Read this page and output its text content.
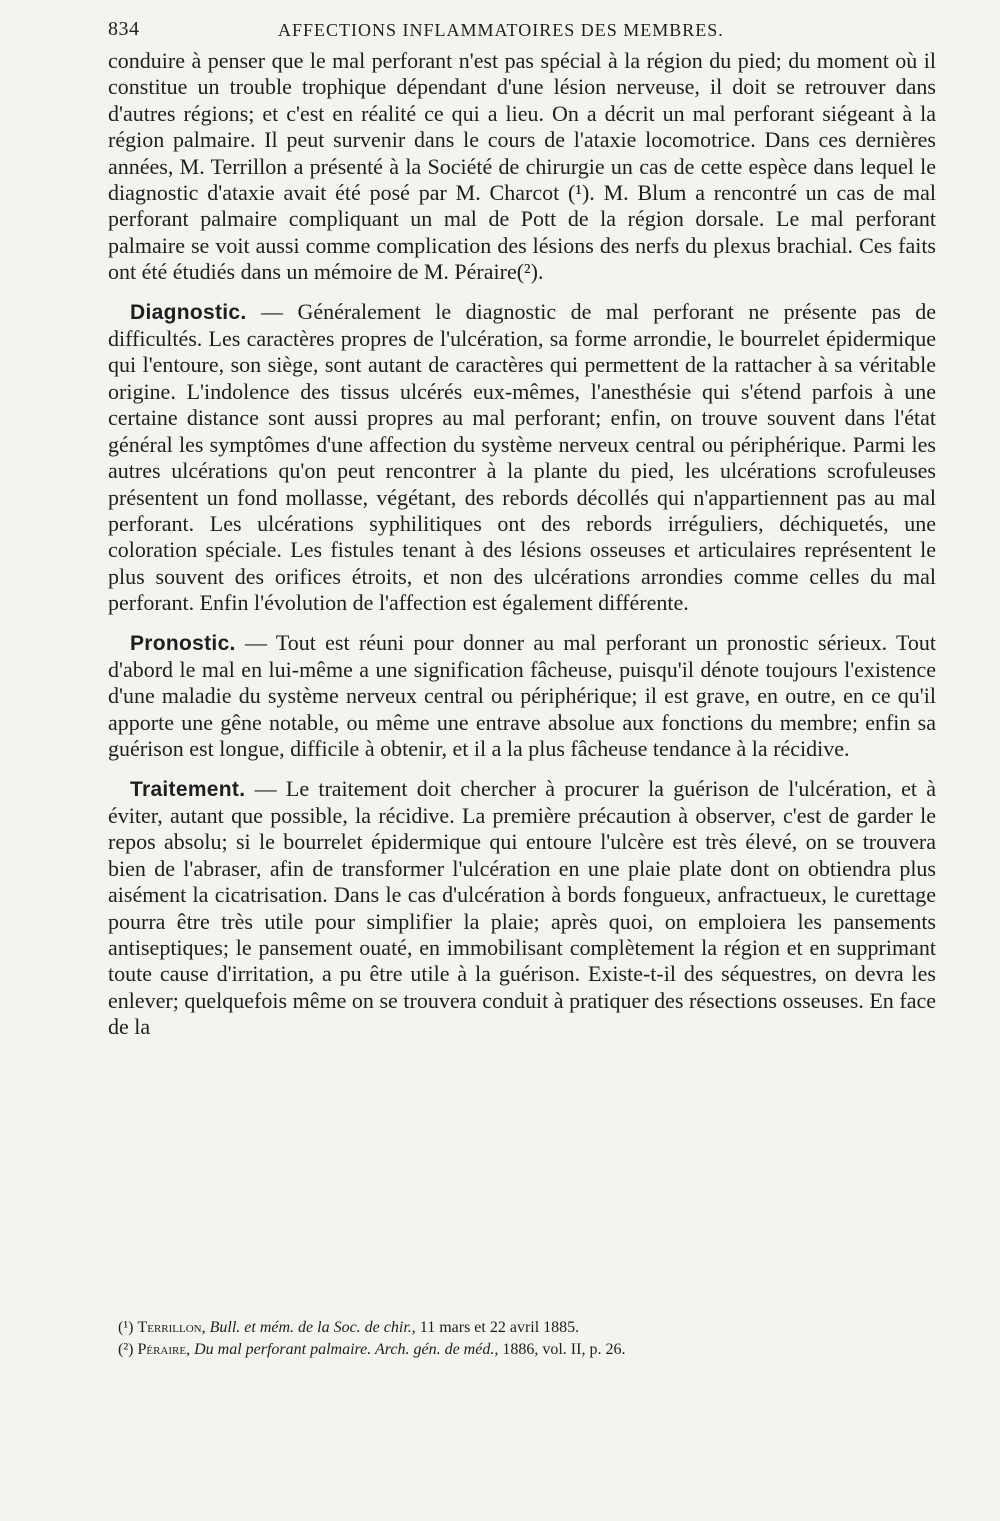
834	AFFECTIONS INFLAMMATOIRES DES MEMBRES.

conduire à penser que le mal perforant n'est pas spécial à la région du pied; du moment où il constitue un trouble trophique dépendant d'une lésion nerveuse, il doit se retrouver dans d'autres régions; et c'est en réalité ce qui a lieu. On a décrit un mal perforant siégeant à la région palmaire. Il peut survenir dans le cours de l'ataxie locomotrice. Dans ces dernières années, M. Terrillon a présenté à la Société de chirurgie un cas de cette espèce dans lequel le diagnostic d'ataxie avait été posé par M. Charcot (¹). M. Blum a rencontré un cas de mal perforant palmaire compliquant un mal de Pott de la région dorsale. Le mal perforant palmaire se voit aussi comme complication des lésions des nerfs du plexus brachial. Ces faits ont été étudiés dans un mémoire de M. Péraire(²).

Diagnostic. — Généralement le diagnostic de mal perforant ne présente pas de difficultés. Les caractères propres de l'ulcération, sa forme arrondie, le bourrelet épidermique qui l'entoure, son siège, sont autant de caractères qui permettent de la rattacher à sa véritable origine. L'indolence des tissus ulcérés eux-mêmes, l'anesthésie qui s'étend parfois à une certaine distance sont aussi propres au mal perforant; enfin, on trouve souvent dans l'état général les symptômes d'une affection du système nerveux central ou périphérique. Parmi les autres ulcérations qu'on peut rencontrer à la plante du pied, les ulcérations scrofuleuses présentent un fond mollasse, végétant, des rebords décollés qui n'appartiennent pas au mal perforant. Les ulcérations syphilitiques ont des rebords irréguliers, déchiquetés, une coloration spéciale. Les fistules tenant à des lésions osseuses et articulaires représentent le plus souvent des orifices étroits, et non des ulcérations arrondies comme celles du mal perforant. Enfin l'évolution de l'affection est également différente.

Pronostic. — Tout est réuni pour donner au mal perforant un pronostic sérieux. Tout d'abord le mal en lui-même a une signification fâcheuse, puisqu'il dénote toujours l'existence d'une maladie du système nerveux central ou périphérique; il est grave, en outre, en ce qu'il apporte une gêne notable, ou même une entrave absolue aux fonctions du membre; enfin sa guérison est longue, difficile à obtenir, et il a la plus fâcheuse tendance à la récidive.

Traitement. — Le traitement doit chercher à procurer la guérison de l'ulcération, et à éviter, autant que possible, la récidive. La première précaution à observer, c'est de garder le repos absolu; si le bourrelet épidermique qui entoure l'ulcère est très élevé, on se trouvera bien de l'abraser, afin de transformer l'ulcération en une plaie plate dont on obtiendra plus aisément la cicatrisation. Dans le cas d'ulcération à bords fongueux, anfractueux, le curettage pourra être très utile pour simplifier la plaie; après quoi, on emploiera les pansements antiseptiques; le pansement ouaté, en immobilisant complètement la région et en supprimant toute cause d'irritation, a pu être utile à la guérison. Existe-t-il des séquestres, on devra les enlever; quelquefois même on se trouvera conduit à pratiquer des résections osseuses. En face de la

(¹) Terrillon, Bull. et mém. de la Soc. de chir., 11 mars et 22 avril 1885.

(²) Péraire, Du mal perforant palmaire. Arch. gén. de méd., 1886, vol. II, p. 26.
